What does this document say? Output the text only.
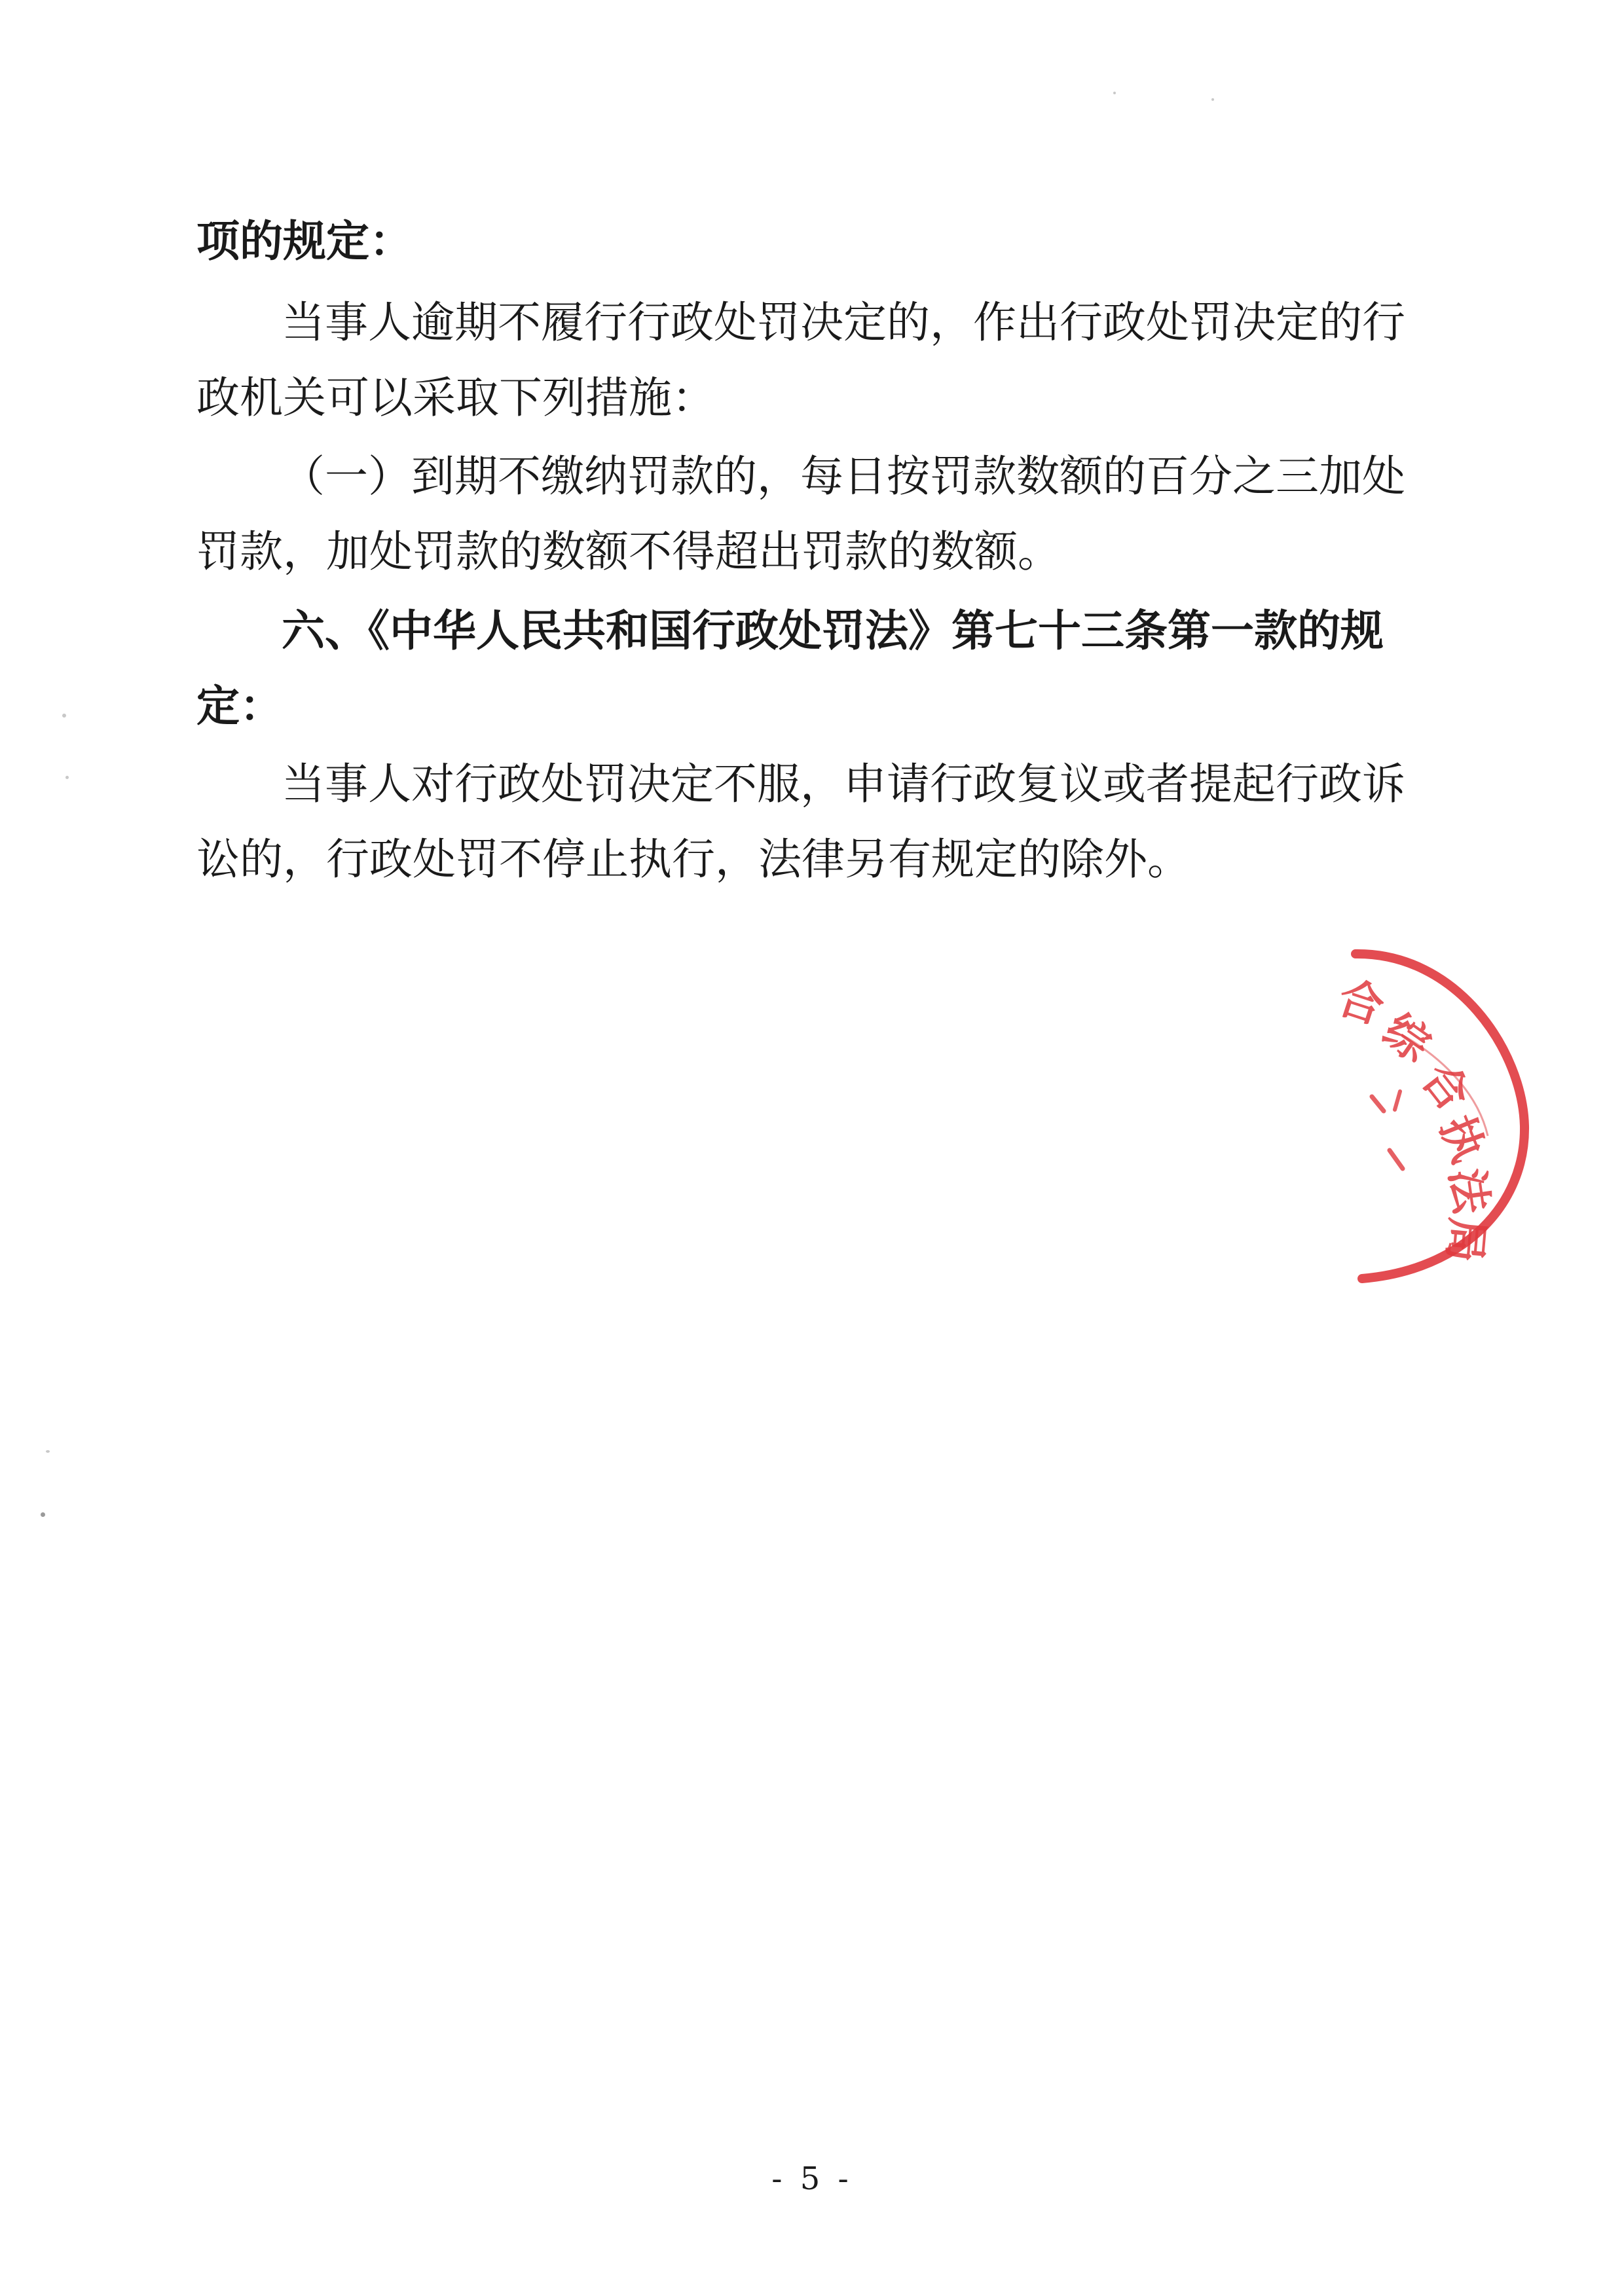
项的规定：
当事人逾期不履行行政处罚决定的，作出行政处罚决定的行
政机关可以采取下列措施：
（一）到期不缴纳罚款的，每日按罚款数额的百分之三加处
罚款，加处罚款的数额不得超出罚款的数额。
六、《中华人民共和国行政处罚法》第七十三条第一款的规
定：
当事人对行政处罚决定不服，申请行政复议或者提起行政诉
讼的，行政处罚不停止执行，法律另有规定的除外。
- 5 -
合
综
合
执
法
局
